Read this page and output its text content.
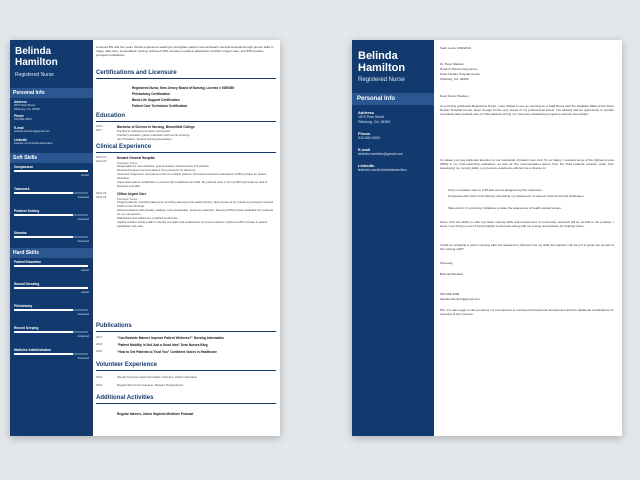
Belinda
Hamilton
Registered Nurse
Personal Info
Address
2570 Park Street
Pittsburg, CA, 94565
Phone
510-684-9300
E-mail
belinda.hamilton@gmail.com
LinkedIn
linkedin.com/in/belindahamilton
Soft Skills
Compassion
Expert
Teamwork
Advanced
Problem Solving
Advanced
Stamina
Advanced
Hard Skills
Patient Education
Expert
Wound Dressing
Expert
Phlebotomy
Advanced
Record Keeping
Advanced
Medicine Administration
Advanced
Licensed RN with five years clinical experience seeking to strengthen patient care at Newark General Hospital through proven skills in triage, daily care, and pediatric nursing. Achieved 15% increase in patient satisfaction at Clifton Urgent Care, and 55% positive preceptor evaluations.
Certifications and Licensure
Registered Nurse, New Jersey Board of Nursing, License # 0080080
Phlebotomy Certification
Basic Life Support Certification
Patient Care Technician Certification
Education
2014 - 2017
Bachelor of Science in Nursing, Bloomfield College
Enrolled in wellness promotion coursework.
Teacher's assistant, patient education and wound dressing.
Vice President, Student Nursing Association.
Clinical Experience
2019-10 - 2021-06
Newark General Hospital
Preceptor Nurse
Responsible for care activities, goal and safety achievements of 8 patients.
Received frequent commendations from preceptor for efficiency.
Assessed, diagnosed, and planned care for multiple patients. Received consistent evaluations of 95% positive for patient education.
Supervised patient mobilization to prevent skin breakdown and falls. My patients were in the top 90th percentile for lack of bedsores and falls.
2016-09 - 2018-06
Clifton Urgent Care
Preceptor Nurse
Triaged patients, including taking and recording vital signs and patient history. Spot checks of my results by preceptor returned 100% correct findings.
Assisted patients with transfer, walking, exam preparation, specimen collection. Received 95% positive feedback from patients for my compassion.
Maintained strict adherence to HIPAA at all times.
Applied problem solving skills to identify strengths and weaknesses of current solutions. Achieved 15% increase in patient satisfaction with care.
Publications
2017	"Can Bedside Manner Improve Patient Wellness?" Nursing Informatics
2016	"Patient Mobility is Not Just a Good Idea" Dear Nurses Blog
2016	"How to Get Patients to Trust You" Confident Voices in Healthcare
Volunteer Experience
2016	Weekly American Heart Association Volunteer, Patient Education
2016	Regular Red Cross Volunteer, Disaster Preparedness
Additional Activities
Regular listener, Johns Hopkins Medicine Podcast
Belinda
Hamilton
Registered Nurse
Personal Info
Address
1570 Park Street
Pittsburg, CA, 94565
Phone
510-684-9300
E-mail
belinda.hamilton@gmail.com
LinkedIn
linkedin.com/in/belindahamilton
Saint Louis, 3/30/2019
Dr. Peter Madsen
Head of Human Resources
Peter Nestler Hospital Centre
Pittsburg, CA, 94565
Dear Doctor Madsen,
As a freshly graduated Registered Nurse, I was thrilled to see an opening for a Staff Nurse with the Pediatric Ward at the Peter Nestler Hospital Centre. Even though it's the very outset of my professional career, I've already had an opportunity to provide compassionate bedside care to child patients during my numerous shadowing programs and two internships.
I'm aware you pay particular attention to our standards of patient care. And I'm so happy I received some of the highest scores (98%) in my post-internship evaluation, as well as five commendation letters from the child patients' parents. Apart from developing my nursing skills, my previous experience offered me a chance to:
Carry out patient care in a 35-bed unit as assigned by the supervisor.
Cooperate with other units thereby increasing my awareness of various cross-functional challenges.
Take part in 2 community initiatives to raise the awareness of health-related issues.
Since both the ability to offer top-class nursing skills and involvement in community outreach will be central to the position, I know I can bring in a lot of fresh insights to the team along with my energy and passion for helping others.
Could we schedule a call or meeting after the weekend to discuss how my skills and passion can be put to good use as part of the nursing staff?
Sincerely,
Belinda Hamilton
510-684-9300
belinda.hamilton@gmail.com
PS—I'm also eager to tell you about my commitment to continued professional development and the additional certifications I'm pursuing at the moment.
